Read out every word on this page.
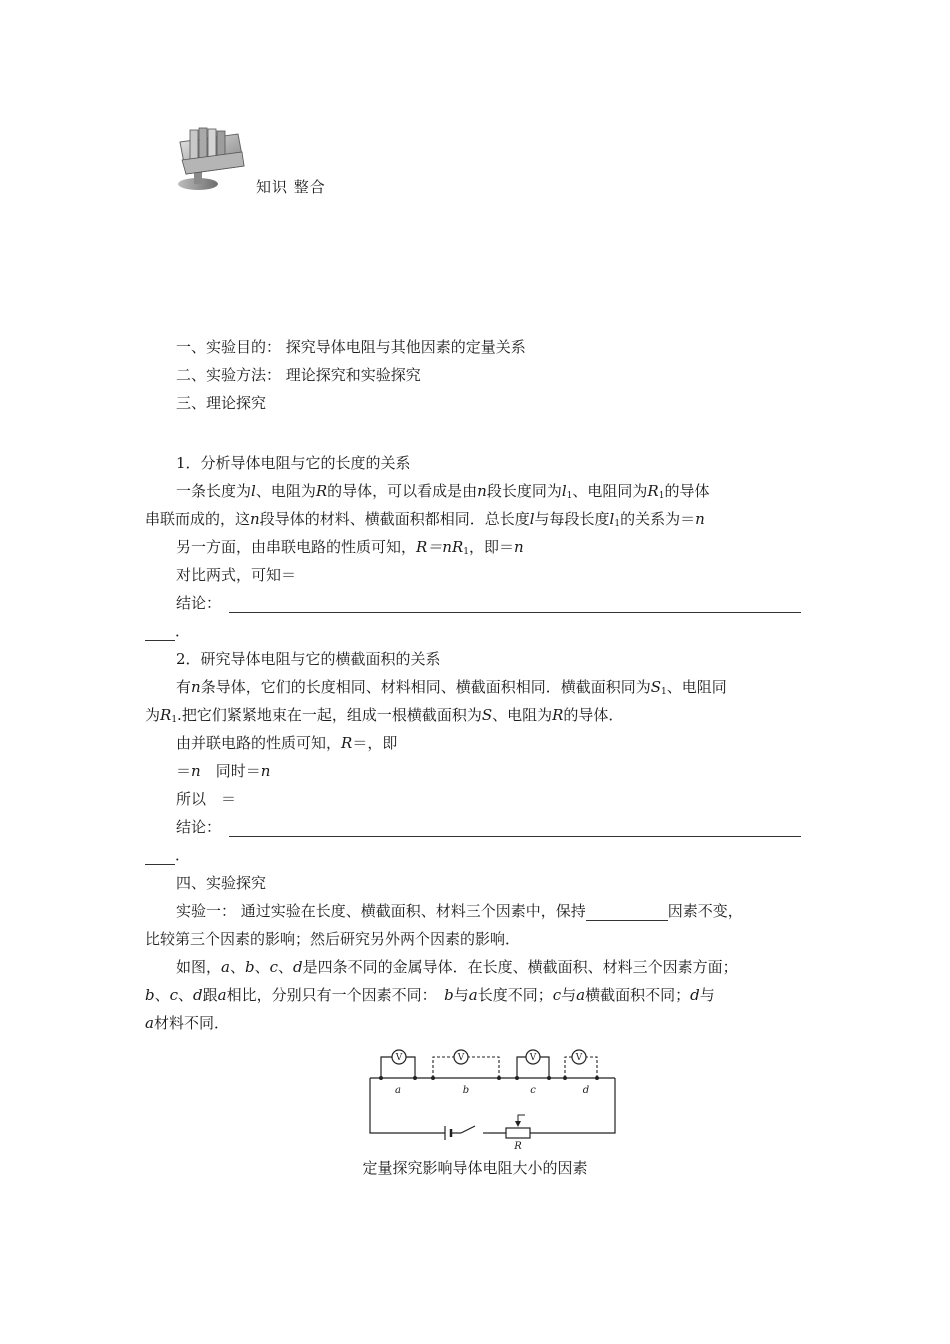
知识 整合
一、实验目的： 探究导体电阻与其他因素的定量关系
二、实验方法： 理论探究和实验探究
三、理论探究
1．分析导体电阻与它的长度的关系
一条长度为l、电阻为R的导体，可以看成是由n段长度同为$l_1$、电阻同为$R_1$的导体
串联而成的，这n段导体的材料、横截面积都相同．总长度l与每段长度$l_1$的关系为＝n
另一方面，由串联电路的性质可知，$R=nR_1$，即＝n
对比两式，可知＝
结论：　
．
2．研究导体电阻与它的横截面积的关系
有n条导体，它们的长度相同、材料相同、横截面积相同．横截面积同为$S_1$、电阻同
为$R_1$.把它们紧紧地束在一起，组成一根横截面积为S、电阻为R的导体．
由并联电路的性质可知，R＝，即
＝n　同时＝n
所以　＝
结论：　
．
四、实验探究
实验一： 通过实验在长度、横截面积、材料三个因素中，保持	因素不变，
比较第三个因素的影响；然后研究另外两个因素的影响．
如图，a、b、c、d是四条不同的金属导体．在长度、横截面积、材料三个因素方面；
b、c、d跟a相比，分别只有一个因素不同：　 b与a长度不同；c与a横截面积不同；d与
a材料不同．
V	V	V	V
a	b	c	d
R
定量探究影响导体电阻大小的因素
